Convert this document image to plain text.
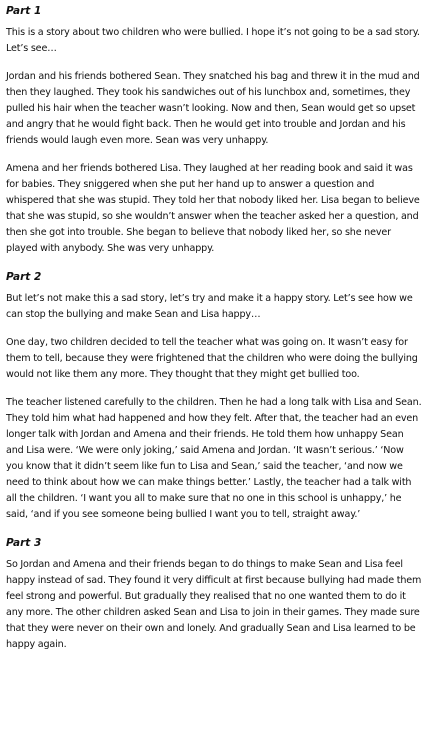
Part 1

This is a story about two children who were bullied. I hope it’s not going to be a sad story. Let’s see…

Jordan and his friends bothered Sean. They snatched his bag and threw it in the mud and then they laughed. They took his sandwiches out of his lunchbox and, sometimes, they pulled his hair when the teacher wasn’t looking. Now and then, Sean would get so upset and angry that he would fight back. Then he would get into trouble and Jordan and his friends would laugh even more. Sean was very unhappy.

Amena and her friends bothered Lisa. They laughed at her reading book and said it was for babies. They sniggered when she put her hand up to answer a question and whispered that she was stupid. They told her that nobody liked her. Lisa began to believe that she was stupid, so she wouldn’t answer when the teacher asked her a question, and then she got into trouble. She began to believe that nobody liked her, so she never played with anybody. She was very unhappy.

Part 2

But let’s not make this a sad story, let’s try and make it a happy story. Let’s see how we can stop the bullying and make Sean and Lisa happy…

One day, two children decided to tell the teacher what was going on. It wasn’t easy for them to tell, because they were frightened that the children who were doing the bullying would not like them any more. They thought that they might get bullied too.

The teacher listened carefully to the children. Then he had a long talk with Lisa and Sean. They told him what had happened and how they felt. After that, the teacher had an even longer talk with Jordan and Amena and their friends. He told them how unhappy Sean and Lisa were. ‘We were only joking,’ said Amena and Jordan. ‘It wasn’t serious.’ ‘Now you know that it didn’t seem like fun to Lisa and Sean,’ said the teacher, ‘and now we need to think about how we can make things better.’ Lastly, the teacher had a talk with all the children. ‘I want you all to make sure that no one in this school is unhappy,’ he said, ‘and if you see someone being bullied I want you to tell, straight away.’

Part 3

So Jordan and Amena and their friends began to do things to make Sean and Lisa feel happy instead of sad. They found it very difficult at first because bullying had made them feel strong and powerful. But gradually they realised that no one wanted them to do it any more. The other children asked Sean and Lisa to join in their games. They made sure that they were never on their own and lonely. And gradually Sean and Lisa learned to be happy again.
